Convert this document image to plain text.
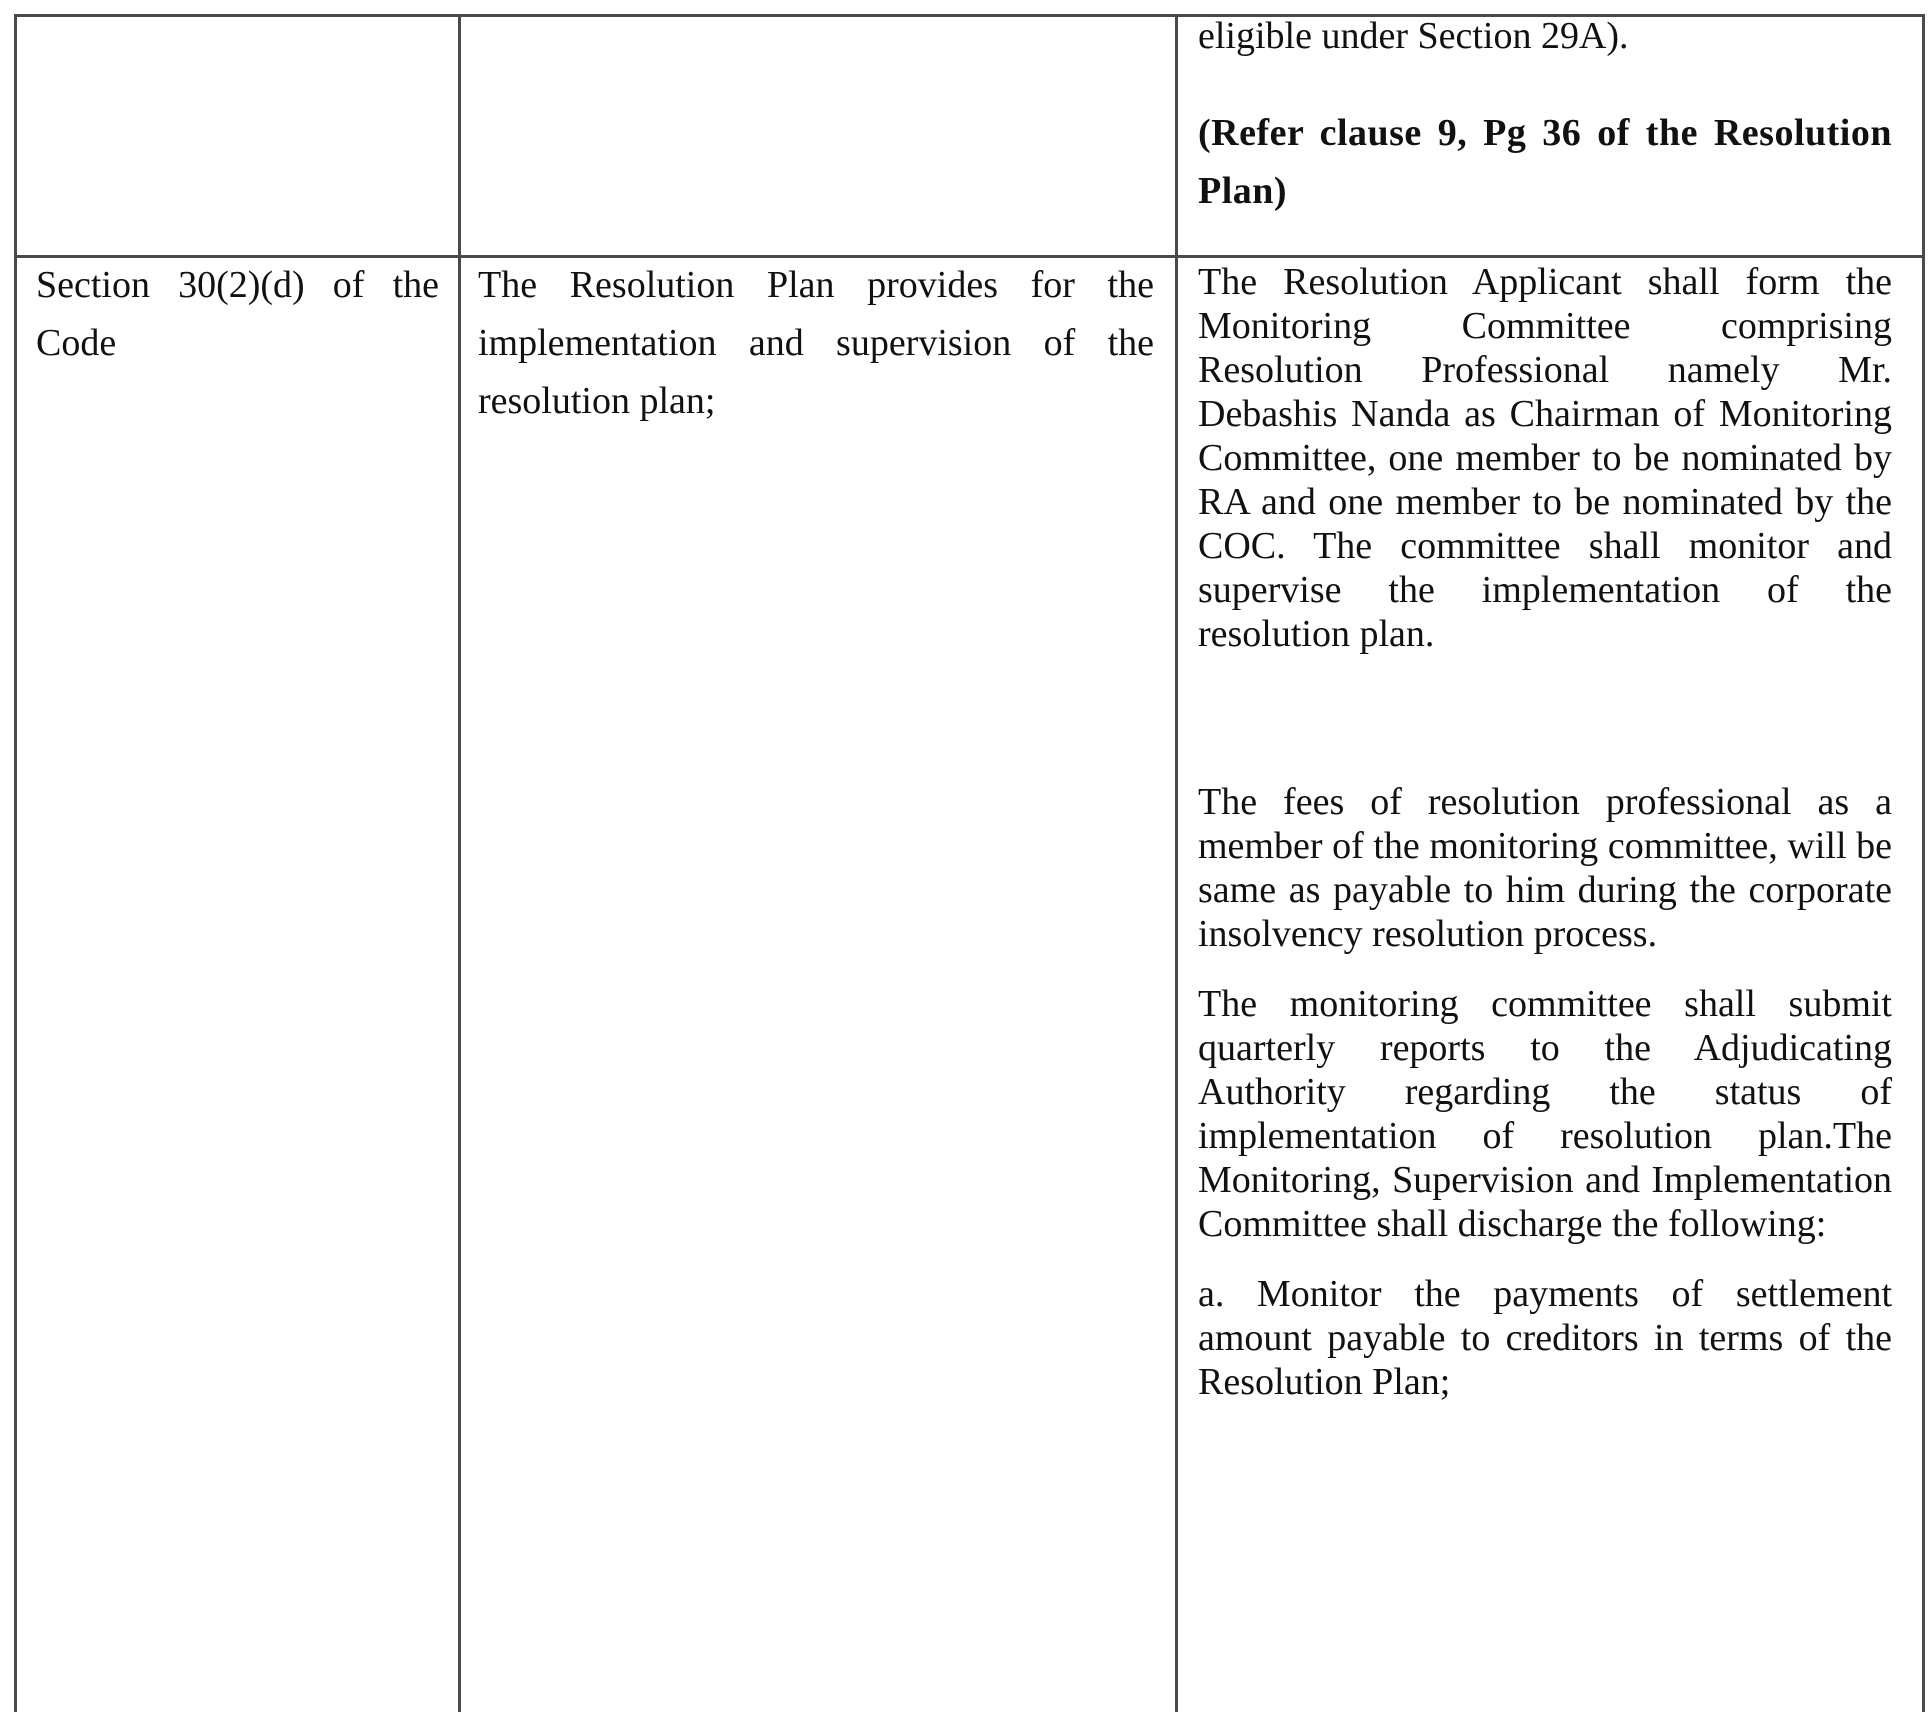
eligible under Section 29A).

(Refer clause 9, Pg 36 of the Resolution Plan)

Section 30(2)(d) of the Code

The Resolution Plan provides for the implementation and supervision of the resolution plan;

The Resolution Applicant shall form the Monitoring Committee comprising Resolution Professional namely Mr. Debashis Nanda as Chairman of Monitoring Committee, one member to be nominated by RA and one member to be nominated by the COC. The committee shall monitor and supervise the implementation of the resolution plan.

The fees of resolution professional as a member of the monitoring committee, will be same as payable to him during the corporate insolvency resolution process.

The monitoring committee shall submit quarterly reports to the Adjudicating Authority regarding the status of implementation of resolution plan.The Monitoring, Supervision and Implementation Committee shall discharge the following:

a. Monitor the payments of settlement amount payable to creditors in terms of the Resolution Plan;
